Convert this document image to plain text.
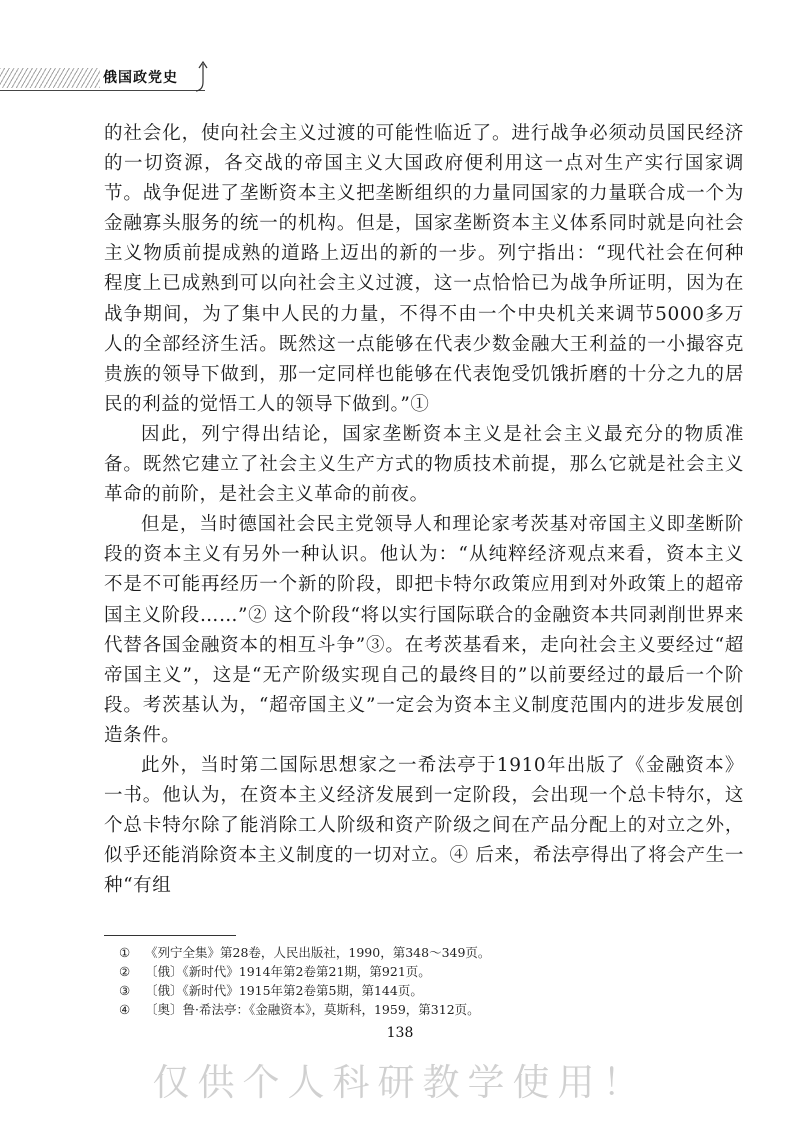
俄国政党史

的社会化，使向社会主义过渡的可能性临近了。进行战争必须动员国民经济的一切资源，各交战的帝国主义大国政府便利用这一点对生产实行国家调节。战争促进了垄断资本主义把垄断组织的力量同国家的力量联合成一个为金融寡头服务的统一的机构。但是，国家垄断资本主义体系同时就是向社会主义物质前提成熟的道路上迈出的新的一步。列宁指出：“现代社会在何种程度上已成熟到可以向社会主义过渡，这一点恰恰已为战争所证明，因为在战争期间，为了集中人民的力量，不得不由一个中央机关来调节5000多万人的全部经济生活。既然这一点能够在代表少数金融大王利益的一小撮容克贵族的领导下做到，那一定同样也能够在代表饱受饥饿折磨的十分之九的居民的利益的觉悟工人的领导下做到。”①

因此，列宁得出结论，国家垄断资本主义是社会主义最充分的物质准备。既然它建立了社会主义生产方式的物质技术前提，那么它就是社会主义革命的前阶，是社会主义革命的前夜。

但是，当时德国社会民主党领导人和理论家考茨基对帝国主义即垄断阶段的资本主义有另外一种认识。他认为：“从纯粹经济观点来看，资本主义不是不可能再经历一个新的阶段，即把卡特尔政策应用到对外政策上的超帝国主义阶段……”② 这个阶段“将以实行国际联合的金融资本共同剥削世界来代替各国金融资本的相互斗争”③。在考茨基看来，走向社会主义要经过“超帝国主义”，这是“无产阶级实现自己的最终目的”以前要经过的最后一个阶段。考茨基认为，“超帝国主义”一定会为资本主义制度范围内的进步发展创造条件。

此外，当时第二国际思想家之一希法亭于1910年出版了《金融资本》一书。他认为，在资本主义经济发展到一定阶段，会出现一个总卡特尔，这个总卡特尔除了能消除工人阶级和资产阶级之间在产品分配上的对立之外，似乎还能消除资本主义制度的一切对立。④ 后来，希法亭得出了将会产生一种“有组

① 《列宁全集》第28卷，人民出版社，1990，第348～349页。
② 〔俄〕《新时代》1914年第2卷第21期，第921页。
③ 〔俄〕《新时代》1915年第2卷第5期，第144页。
④ 〔奥〕鲁·希法亭：《金融资本》，莫斯科，1959，第312页。
138
仅供个人科研教学使用！
